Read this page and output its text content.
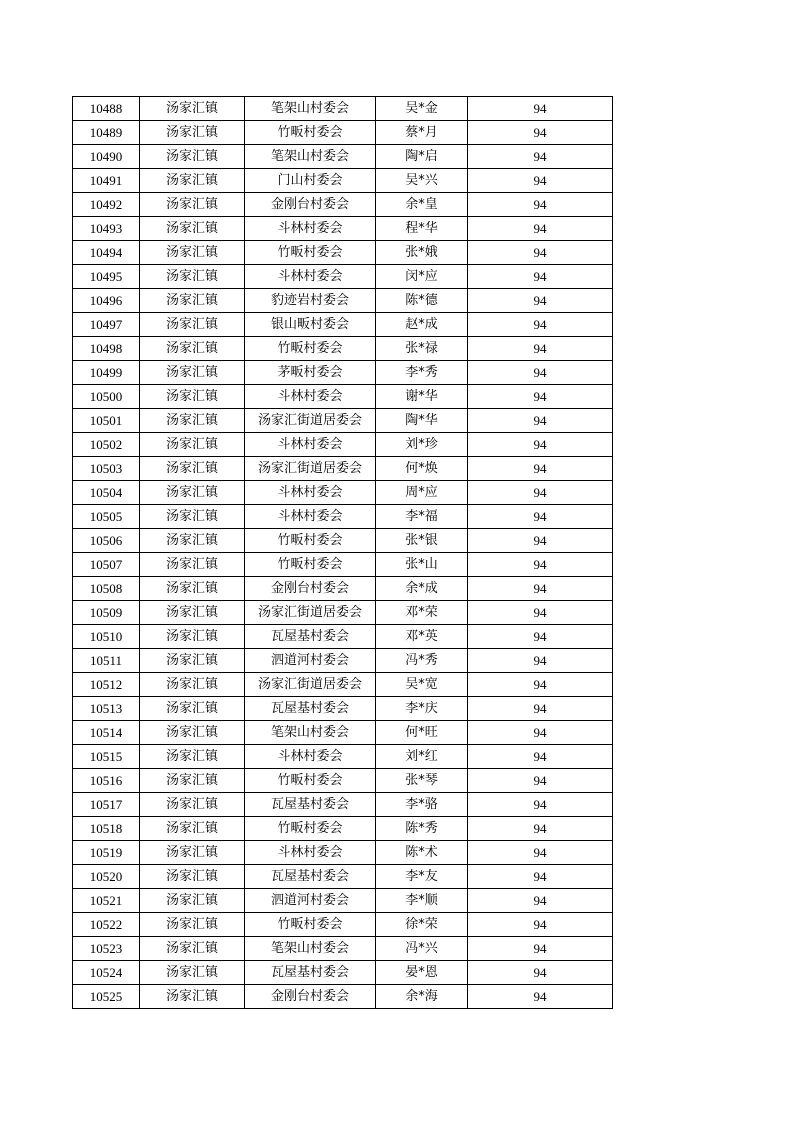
10488	汤家汇镇	笔架山村委会	吴*金	94
10489	汤家汇镇	竹畈村委会	蔡*月	94
10490	汤家汇镇	笔架山村委会	陶*启	94
10491	汤家汇镇	门山村委会	吴*兴	94
10492	汤家汇镇	金刚台村委会	余*皇	94
10493	汤家汇镇	斗林村委会	程*华	94
10494	汤家汇镇	竹畈村委会	张*娥	94
10495	汤家汇镇	斗林村委会	闵*应	94
10496	汤家汇镇	豹迹岩村委会	陈*德	94
10497	汤家汇镇	银山畈村委会	赵*成	94
10498	汤家汇镇	竹畈村委会	张*禄	94
10499	汤家汇镇	茅畈村委会	李*秀	94
10500	汤家汇镇	斗林村委会	谢*华	94
10501	汤家汇镇	汤家汇街道居委会	陶*华	94
10502	汤家汇镇	斗林村委会	刘*珍	94
10503	汤家汇镇	汤家汇街道居委会	何*焕	94
10504	汤家汇镇	斗林村委会	周*应	94
10505	汤家汇镇	斗林村委会	李*福	94
10506	汤家汇镇	竹畈村委会	张*银	94
10507	汤家汇镇	竹畈村委会	张*山	94
10508	汤家汇镇	金刚台村委会	余*成	94
10509	汤家汇镇	汤家汇街道居委会	邓*荣	94
10510	汤家汇镇	瓦屋基村委会	邓*英	94
10511	汤家汇镇	泗道河村委会	冯*秀	94
10512	汤家汇镇	汤家汇街道居委会	吴*宽	94
10513	汤家汇镇	瓦屋基村委会	李*庆	94
10514	汤家汇镇	笔架山村委会	何*旺	94
10515	汤家汇镇	斗林村委会	刘*红	94
10516	汤家汇镇	竹畈村委会	张*琴	94
10517	汤家汇镇	瓦屋基村委会	李*骆	94
10518	汤家汇镇	竹畈村委会	陈*秀	94
10519	汤家汇镇	斗林村委会	陈*术	94
10520	汤家汇镇	瓦屋基村委会	李*友	94
10521	汤家汇镇	泗道河村委会	李*顺	94
10522	汤家汇镇	竹畈村委会	徐*荣	94
10523	汤家汇镇	笔架山村委会	冯*兴	94
10524	汤家汇镇	瓦屋基村委会	晏*恩	94
10525	汤家汇镇	金刚台村委会	余*海	94
